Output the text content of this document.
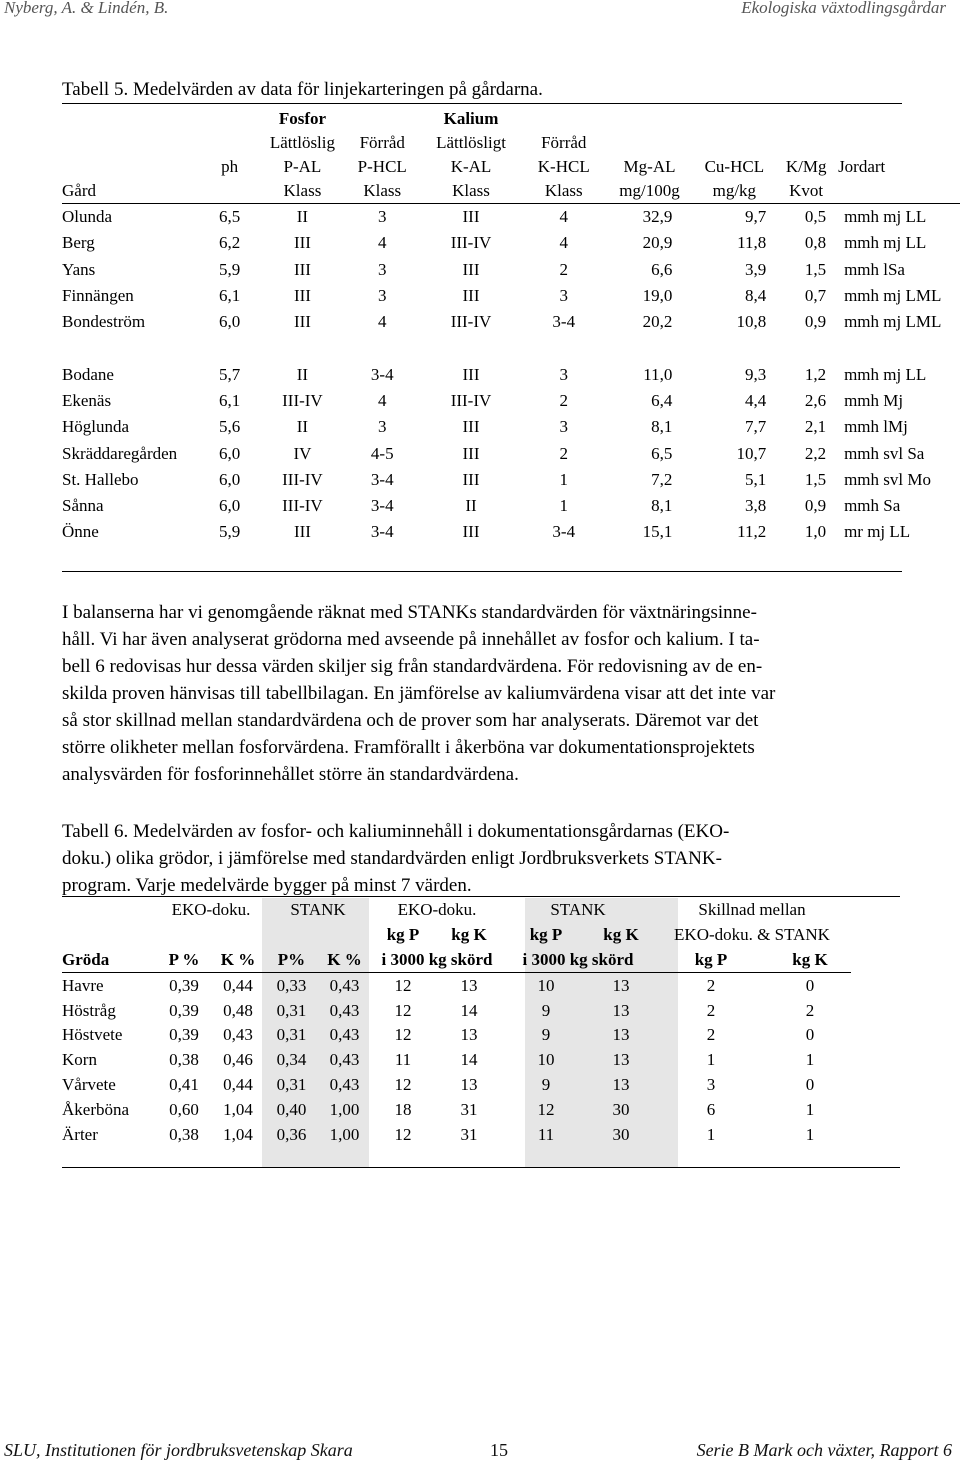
Nyberg, A. & Lindén, B.	Ekologiska växtodlingsgårdar
Tabell 5. Medelvärden av data för linjekarteringen på gårdarna.
		Fosfor		Kalium					
		Lättlöslig	Förråd	Lättlösligt	Förråd				
	ph	P-AL	P-HCL	K-AL	K-HCL	Mg-AL	Cu-HCL	K/Mg	Jordart
Gård		Klass	Klass	Klass	Klass	mg/100g	mg/kg	Kvot	
Olunda	6,5	II	3	III	4	32,9	9,7	0,5	mmh mj LL
Berg	6,2	III	4	III-IV	4	20,9	11,8	0,8	mmh mj LL
Yans	5,9	III	3	III	2	6,6	3,9	1,5	mmh lSa
Finnängen	6,1	III	3	III	3	19,0	8,4	0,7	mmh mj LML
Bondeström	6,0	III	4	III-IV	3-4	20,2	10,8	0,9	mmh mj LML

Bodane	5,7	II	3-4	III	3	11,0	9,3	1,2	mmh mj LL
Ekenäs	6,1	III-IV	4	III-IV	2	6,4	4,4	2,6	mmh Mj
Höglunda	5,6	II	3	III	3	8,1	7,7	2,1	mmh lMj
Skräddaregården	6,0	IV	4-5	III	2	6,5	10,7	2,2	mmh svl Sa
St. Hallebo	6,0	III-IV	3-4	III	1	7,2	5,1	1,5	mmh svl Mo
Sånna	6,0	III-IV	3-4	II	1	8,1	3,8	0,9	mmh Sa
Önne	5,9	III	3-4	III	3-4	15,1	11,2	1,0	mr mj LL

I balanserna har vi genomgående räknat med STANKs standardvärden för växtnäringsinne-

håll. Vi har även analyserat grödorna med avseende på innehållet av fosfor och kalium. I ta-

bell 6 redovisas hur dessa värden skiljer sig från standardvärdena. För redovisning av de en-

skilda proven hänvisas till tabellbilagan. En jämförelse av kaliumvärdena visar att det inte var

så stor skillnad mellan standardvärdena och de prover som har analyserats. Däremot var det

större olikheter mellan fosforvärdena. Framförallt i åkerböna var dokumentationsprojektets

analysvärden för fosforinnehållet större än standardvärdena.

Tabell 6. Medelvärden av fosfor- och kaliuminnehåll i dokumentationsgårdarnas (EKO-
doku.) olika grödor, i jämförelse med standardvärden enligt Jordbruksverkets STANK-
program. Varje medelvärde bygger på minst 7 värden.
	EKO-doku.		STANK		EKO-doku.		STANK		Skillnad mellan	
					kg P	kg K	kg P	kg K	EKO-doku. & STANK	
Gröda	P %	K %	P%	K %	i 3000 kg skörd		i 3000 kg skörd		kg P	kg K
Havre	0,39	0,44	0,33	0,43	12	13	10	13	2	0
Höstråg	0,39	0,48	0,31	0,43	12	14	9	13	2	2
Höstvete	0,39	0,43	0,31	0,43	12	13	9	13	2	0
Korn	0,38	0,46	0,34	0,43	11	14	10	13	1	1
Vårvete	0,41	0,44	0,31	0,43	12	13	9	13	3	0
Åkerböna	0,60	1,04	0,40	1,00	18	31	12	30	6	1
Ärter	0,38	1,04	0,36	1,00	12	31	11	30	1	1
SLU, Institutionen för jordbruksvetenskap Skara	15	Serie B Mark och växter, Rapport 6
